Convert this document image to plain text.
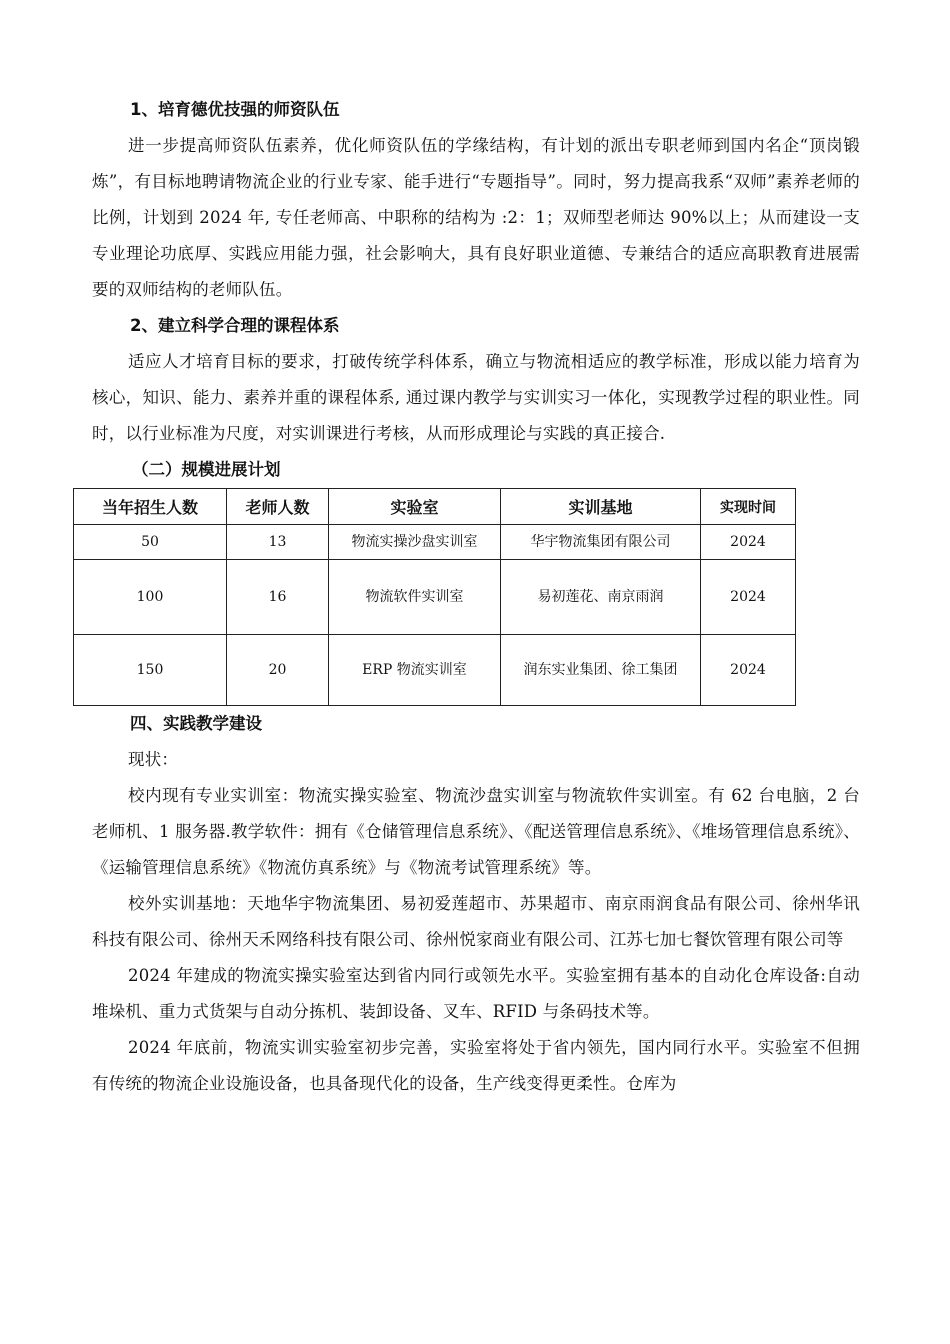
1、培育德优技强的师资队伍

进一步提高师资队伍素养，优化师资队伍的学缘结构，有计划的派出专职老师到国内名企“顶岗锻炼”，有目标地聘请物流企业的行业专家、能手进行“专题指导”。同时，努力提高我系“双师”素养老师的比例，计划到 2024 年, 专任老师高、中职称的结构为 :2：1；双师型老师达 90%以上；从而建设一支专业理论功底厚、实践应用能力强，社会影响大，具有良好职业道德、专兼结合的适应高职教育进展需要的双师结构的老师队伍。

2、建立科学合理的课程体系

适应人才培育目标的要求，打破传统学科体系，确立与物流相适应的教学标准，形成以能力培育为核心，知识、能力、素养并重的课程体系, 通过课内教学与实训实习一体化，实现教学过程的职业性。同时，以行业标准为尺度，对实训课进行考核，从而形成理论与实践的真正接合.

（二）规模进展计划

当年招生人数	老师人数	实验室	实训基地	实现时间
50	13	物流实操沙盘实训室	华宇物流集团有限公司	2024
100	16	物流软件实训室	易初莲花、南京雨润	2024
150	20	ERP 物流实训室	润东实业集团、徐工集团	2024

四、实践教学建设

现状：

校内现有专业实训室：物流实操实验室、物流沙盘实训室与物流软件实训室。有 62 台电脑，2 台老师机、1 服务器.教学软件：拥有《仓储管理信息系统》、《配送管理信息系统》、《堆场管理信息系统》、《运输管理信息系统》《物流仿真系统》与《物流考试管理系统》等。

校外实训基地：天地华宇物流集团、易初爱莲超市、苏果超市、南京雨润食品有限公司、徐州华讯科技有限公司、徐州天禾网络科技有限公司、徐州悦家商业有限公司、江苏七加七餐饮管理有限公司等

2024 年建成的物流实操实验室达到省内同行或领先水平。实验室拥有基本的自动化仓库设备:自动堆垛机、重力式货架与自动分拣机、装卸设备、叉车、RFID 与条码技术等。

2024 年底前，物流实训实验室初步完善，实验室将处于省内领先，国内同行水平。实验室不但拥有传统的物流企业设施设备，也具备现代化的设备，生产线变得更柔性。仓库为
